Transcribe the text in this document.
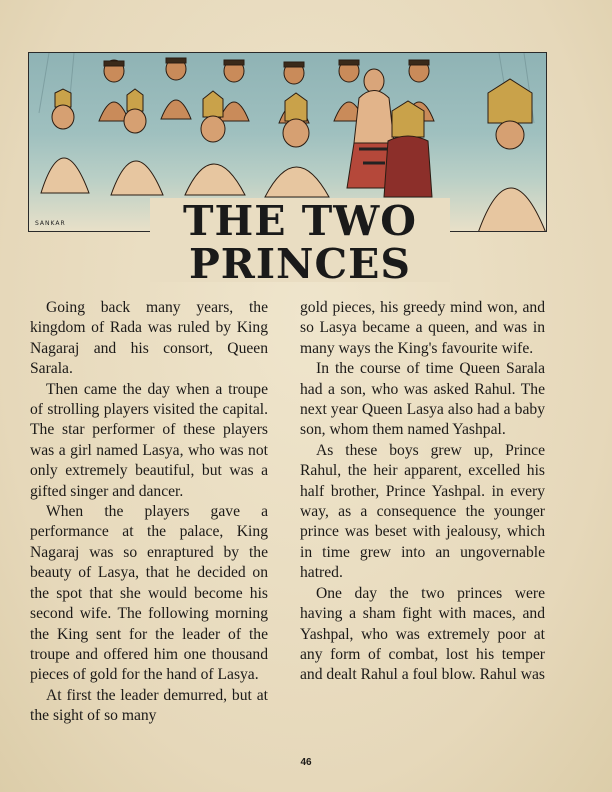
SANKAR	THE TWO
PRINCES

Going back many years, the kingdom of Rada was ruled by King Nagaraj and his consort, Queen Sarala.

Then came the day when a troupe of strolling players visited the capital. The star performer of these players was a girl named Lasya, who was not only extremely beautiful, but was a gifted singer and dancer.

When the players gave a performance at the palace, King Nagaraj was so enraptured by the beauty of Lasya, that he decided on the spot that she would become his second wife. The following morning the King sent for the leader of the troupe and offered him one thousand pieces of gold for the hand of Lasya.

At first the leader demurred, but at the sight of so many

gold pieces, his greedy mind won, and so Lasya became a queen, and was in many ways the King's favourite wife.

In the course of time Queen Sarala had a son, who was asked Rahul. The next year Queen Lasya also had a baby son, whom them named Yashpal.

As these boys grew up, Prince Rahul, the heir apparent, excelled his half brother, Prince Yashpal. in every way, as a consequence the younger prince was beset with jealousy, which in time grew into an ungovernable hatred.

One day the two princes were having a sham fight with maces, and Yashpal, who was extremely poor at any form of combat, lost his temper and dealt Rahul a foul blow. Rahul was

46
